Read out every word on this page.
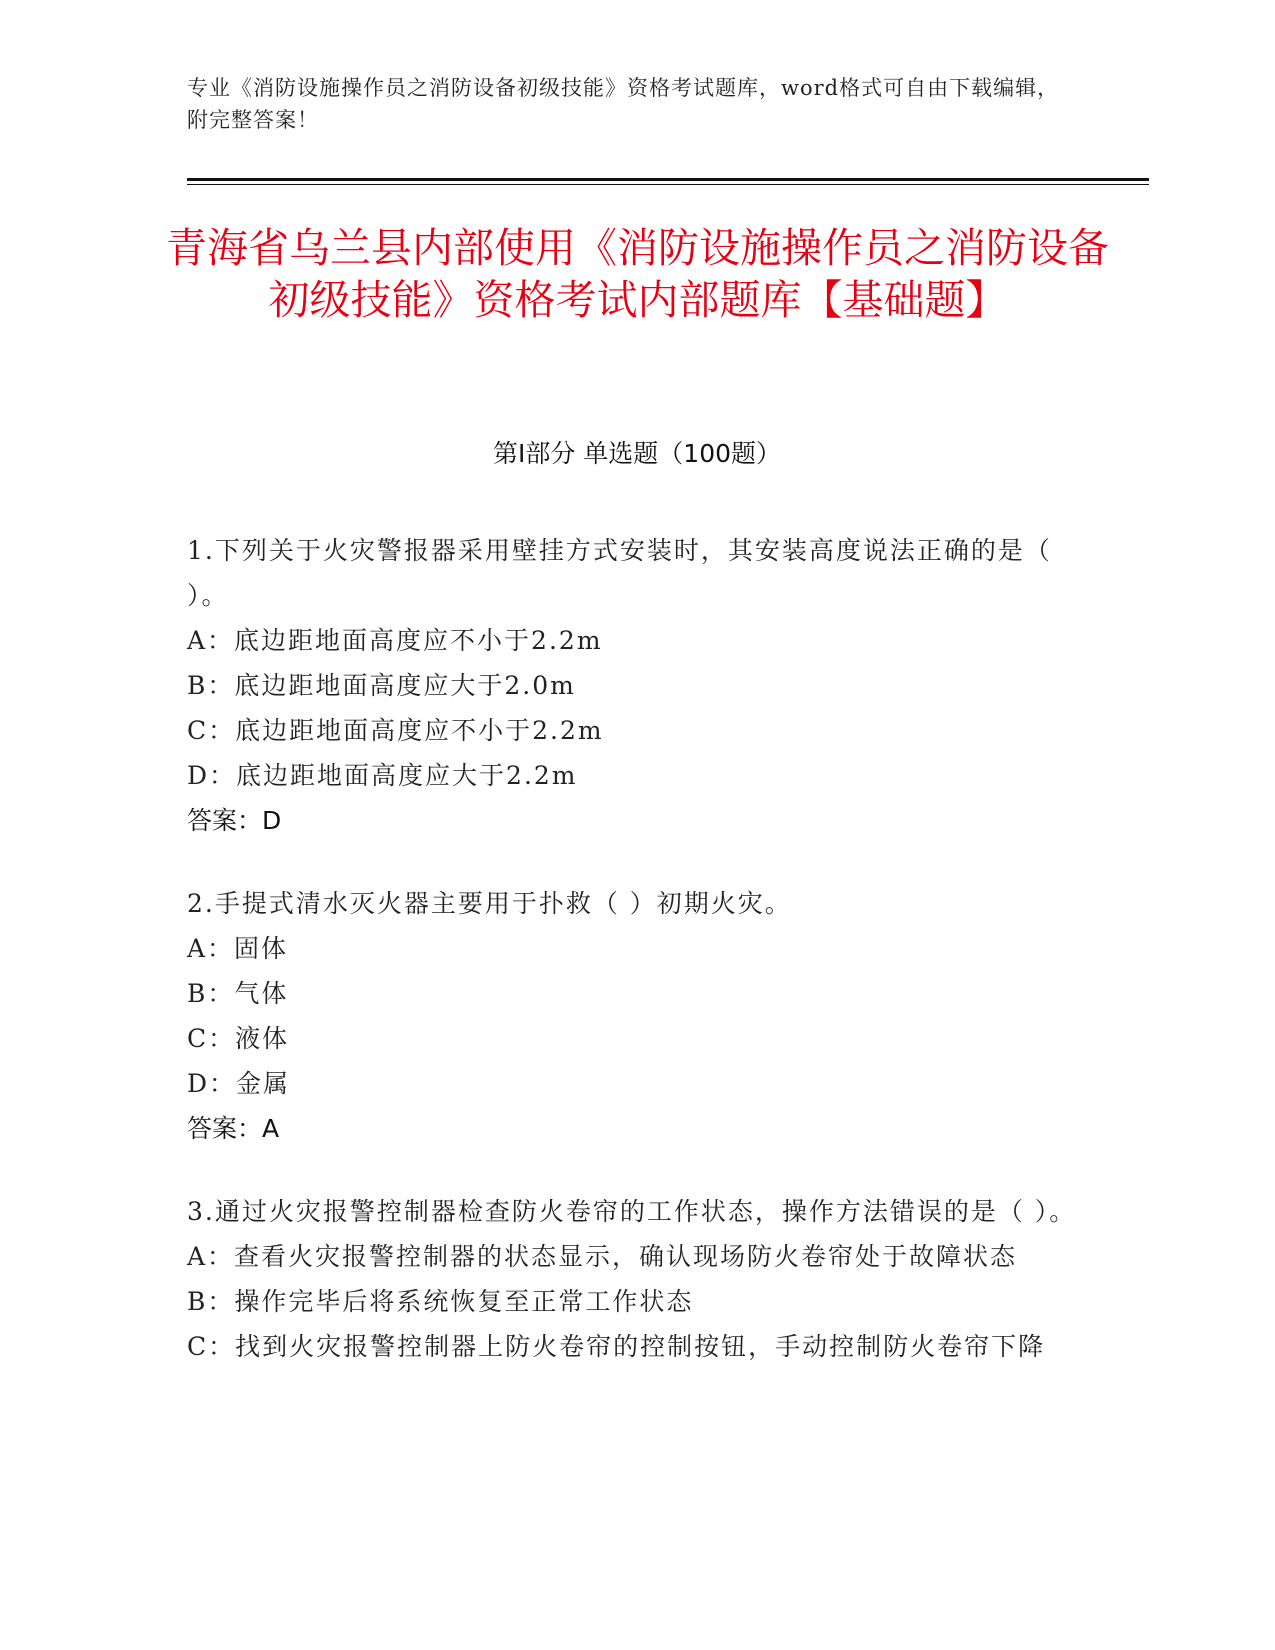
专业《消防设施操作员之消防设备初级技能》资格考试题库，word格式可自由下载编辑，附完整答案！
青海省乌兰县内部使用《消防设施操作员之消防设备初级技能》资格考试内部题库【基础题】
第Ⅰ部分 单选题（100题）
1.下列关于火灾警报器采用壁挂方式安装时，其安装高度说法正确的是（ ）。
A：底边距地面高度应不小于2.2m
B：底边距地面高度应大于2.0m
C：底边距地面高度应不小于2.2m
D：底边距地面高度应大于2.2m
答案：D
2.手提式清水灭火器主要用于扑救（ ）初期火灾。
A：固体
B：气体
C：液体
D：金属
答案：A
3.通过火灾报警控制器检查防火卷帘的工作状态，操作方法错误的是（ ）。
A：查看火灾报警控制器的状态显示，确认现场防火卷帘处于故障状态
B：操作完毕后将系统恢复至正常工作状态
C：找到火灾报警控制器上防火卷帘的控制按钮，手动控制防火卷帘下降
